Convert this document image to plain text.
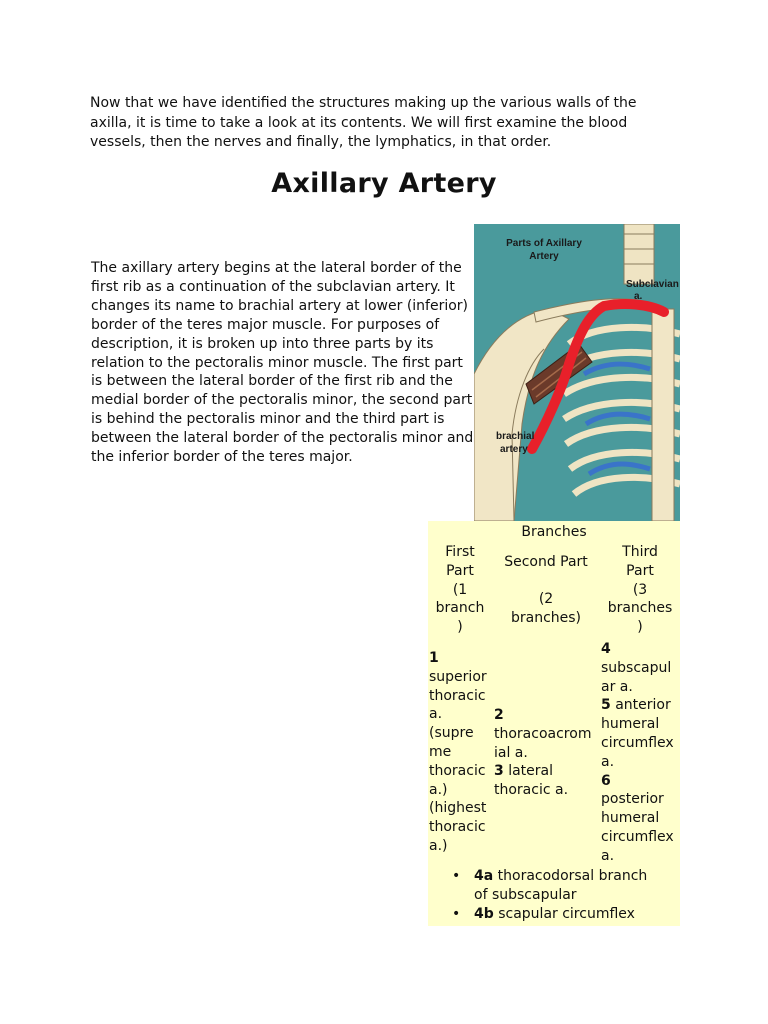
Now that we have identified the structures making up the various walls of the axilla, it is time to take a look at its contents. We will first examine the blood vessels, then the nerves and finally, the lymphatics, in that order.

Axillary Artery

The axillary artery begins at the lateral border of the first rib as a continuation of the subclavian artery. It changes its name to brachial artery at lower (inferior) border of the teres major muscle. For purposes of description, it is broken up into three parts by its relation to the pectoralis minor muscle. The first part is between the lateral border of the first rib and the medial border of the pectoralis minor, the second part is behind the pectoralis minor and the third part is between the lateral border of the pectoralis minor and the inferior border of the teres major.

Parts of Axillary
Artery
Subclavian
a.
brachial
artery
Branches
First
Part
(1
branch
)
Second Part
(2
branches)
Third
Part
(3
branches
)
1
superior
thoracic
a.
(supre
me
thoracic
a.)
(highest
thoracic
a.)
2
thoracoacrom
ial a.
3 lateral
thoracic a.
4
subscapul
ar a.
5 anterior
humeral
circumflex
a.
6
posterior
humeral
circumflex
a.
• 4a thoracodorsal branch
of subscapular
• 4b scapular circumflex
